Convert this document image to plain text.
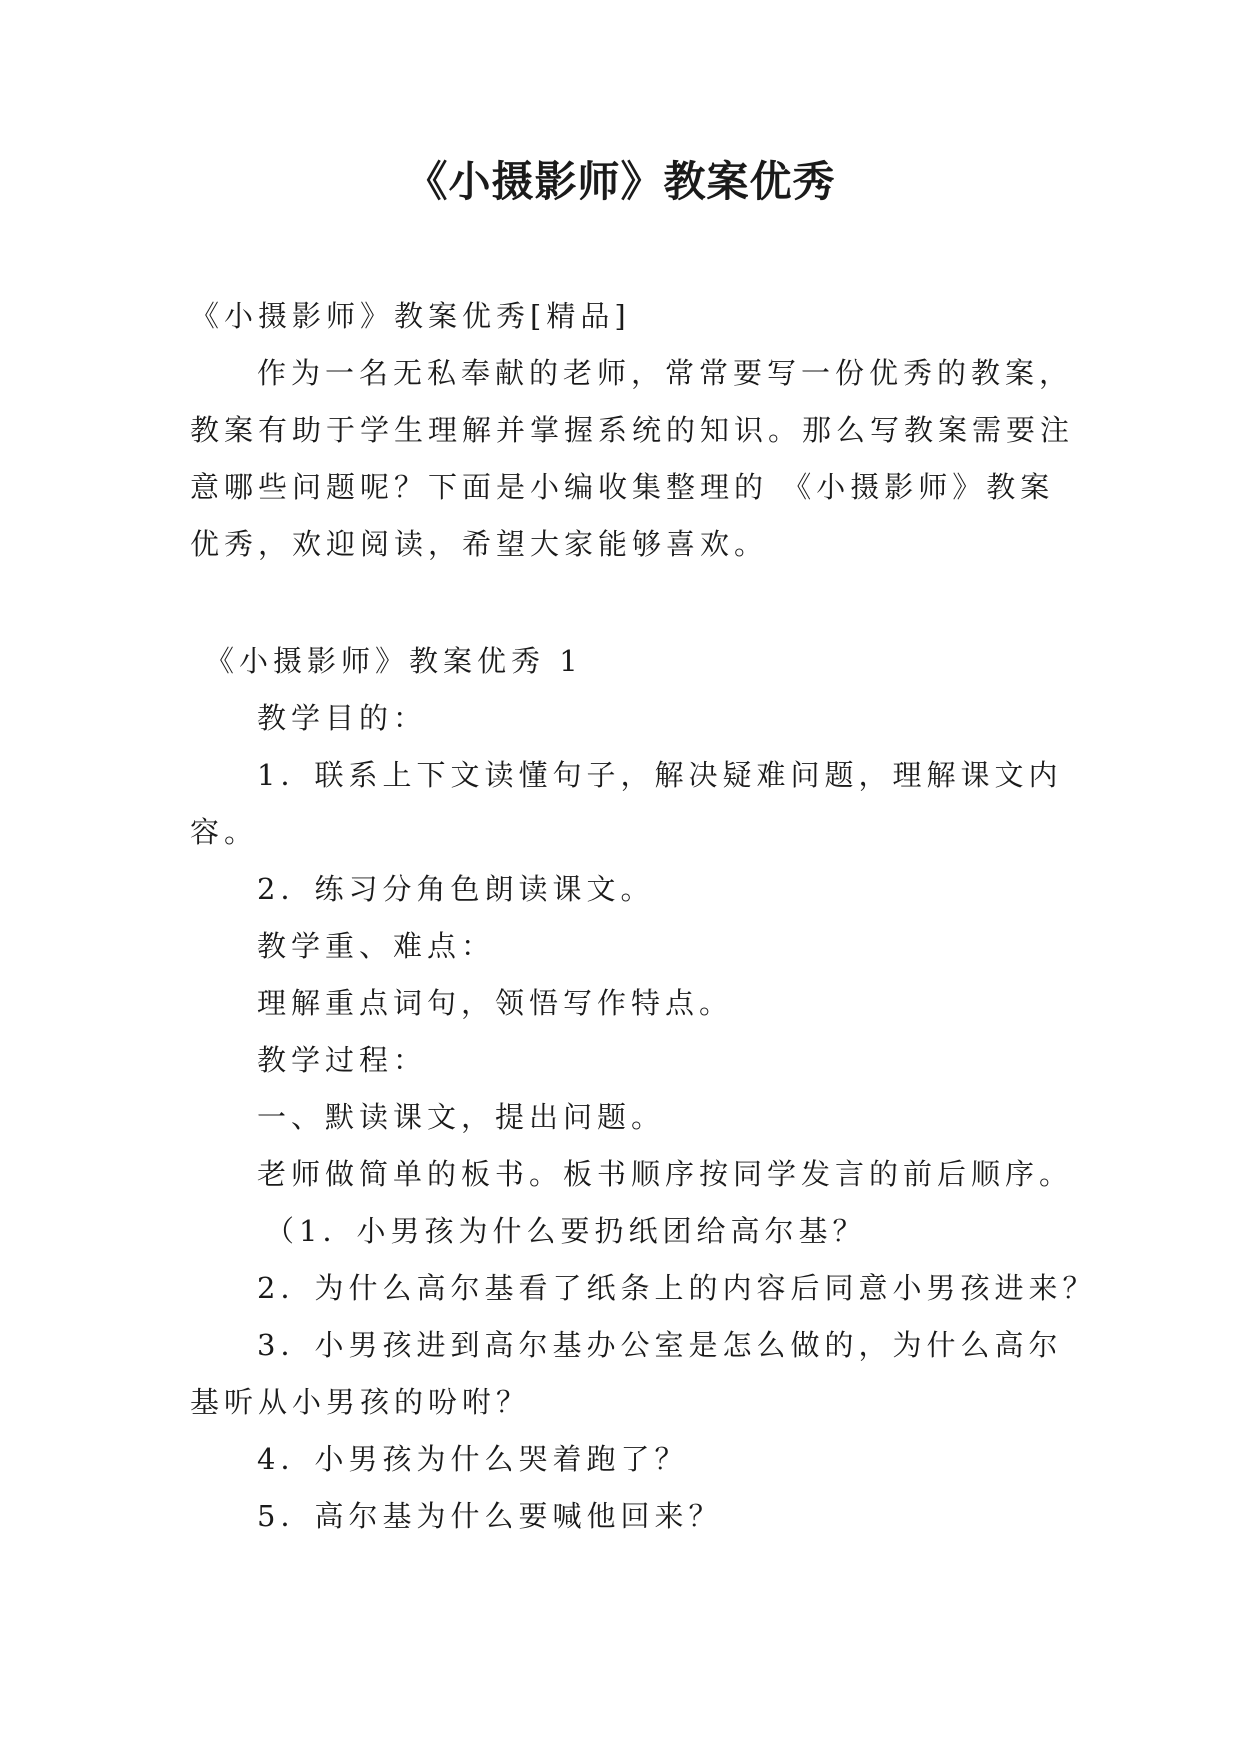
《小摄影师》教案优秀
《小摄影师》教案优秀[精品]
作为一名无私奉献的老师，常常要写一份优秀的教案，
教案有助于学生理解并掌握系统的知识。那么写教案需要注
意哪些问题呢？下面是小编收集整理的 《小摄影师》教案
优秀，欢迎阅读，希望大家能够喜欢。
《小摄影师》教案优秀 1
教学目的：
1．联系上下文读懂句子，解决疑难问题，理解课文内
容。
2．练习分角色朗读课文。
教学重、难点：
理解重点词句，领悟写作特点。
教学过程：
一、默读课文，提出问题。
老师做简单的板书。板书顺序按同学发言的前后顺序。
（1．小男孩为什么要扔纸团给高尔基？
2．为什么高尔基看了纸条上的内容后同意小男孩进来？
3．小男孩进到高尔基办公室是怎么做的，为什么高尔
基听从小男孩的吩咐？
4．小男孩为什么哭着跑了？
5．高尔基为什么要喊他回来？
